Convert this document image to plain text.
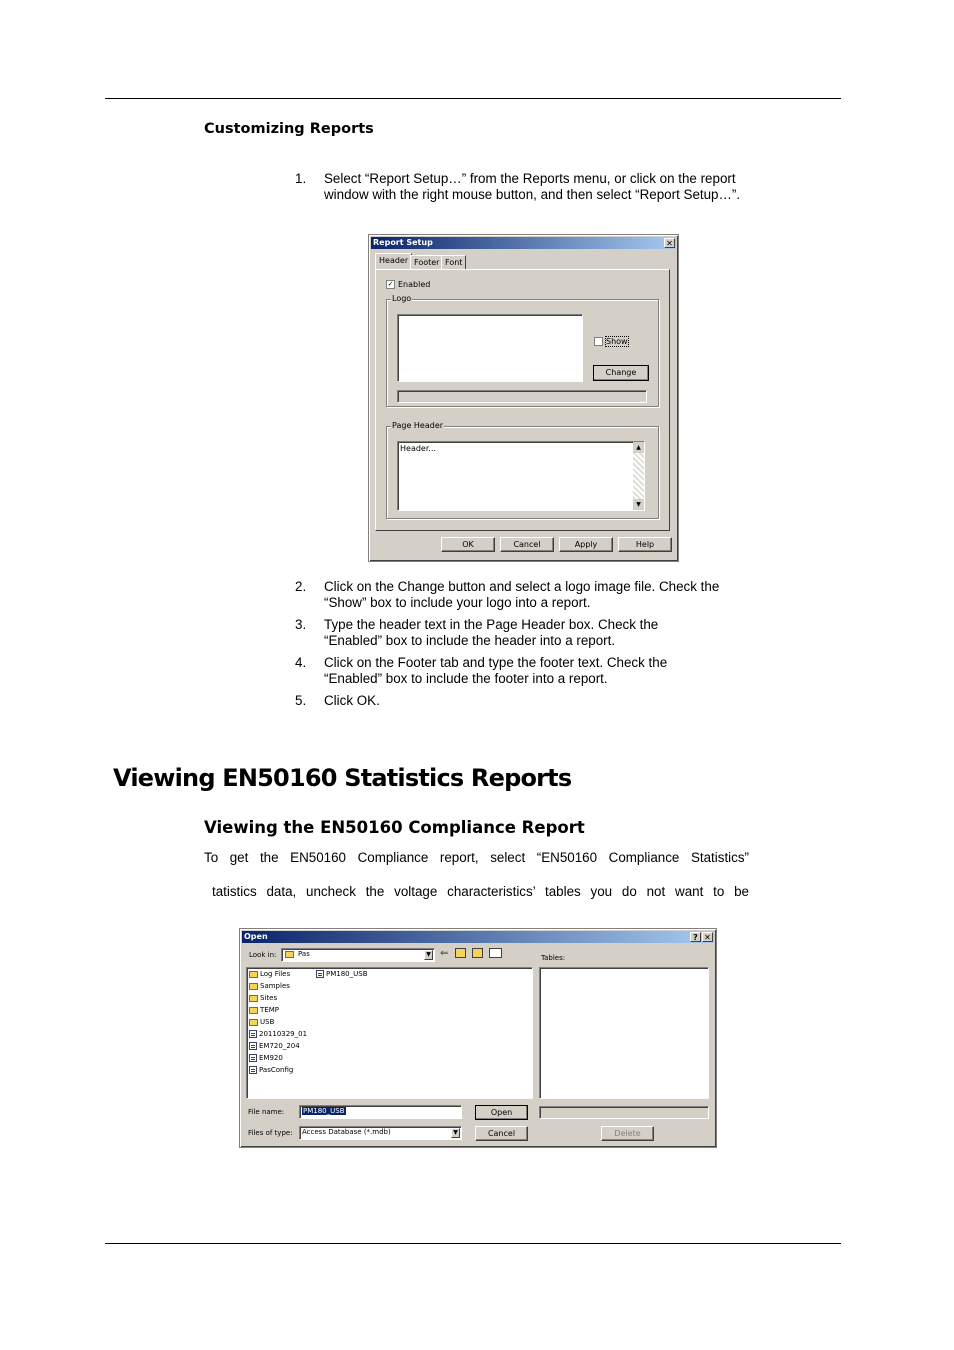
Customizing Reports
1.	Select “Report Setup…” from the Reports menu, or click on the report window with the right mouse button, and then select “Report Setup…”.
Report Setup	✕
Header Footer Font
✓ Enabled
Logo
Show
Change
Page Header
Header...	▲
▼
OK	Cancel	Apply	Help
2.	Click on the Change button and select a logo image file. Check the “Show” box to include your logo into a report.
3.	Type the header text in the Page Header box. Check the “Enabled” box to include the header into a report.
4.	Click on the Footer tab and type the footer text. Check the “Enabled” box to include the footer into a report.
5.	Click OK.
Viewing EN50160 Statistics Reports
Viewing the EN50160 Compliance Report
To get the EN50160 Compliance report, select “EN50160 Compliance Statistics”
tatistics data, uncheck the voltage characteristics’ tables you do not want to be
Open	? ✕
Look in:	Pas	▼ ⇐	Tables:
Log Files
Samples
Sites
TEMP
USB
20110329_01
EM720_204
EM920
PasConfig
PM180_USB
File name:	PM180_USB	Open
Files of type: Access Database (*.mdb)	▼	Cancel	Delete
